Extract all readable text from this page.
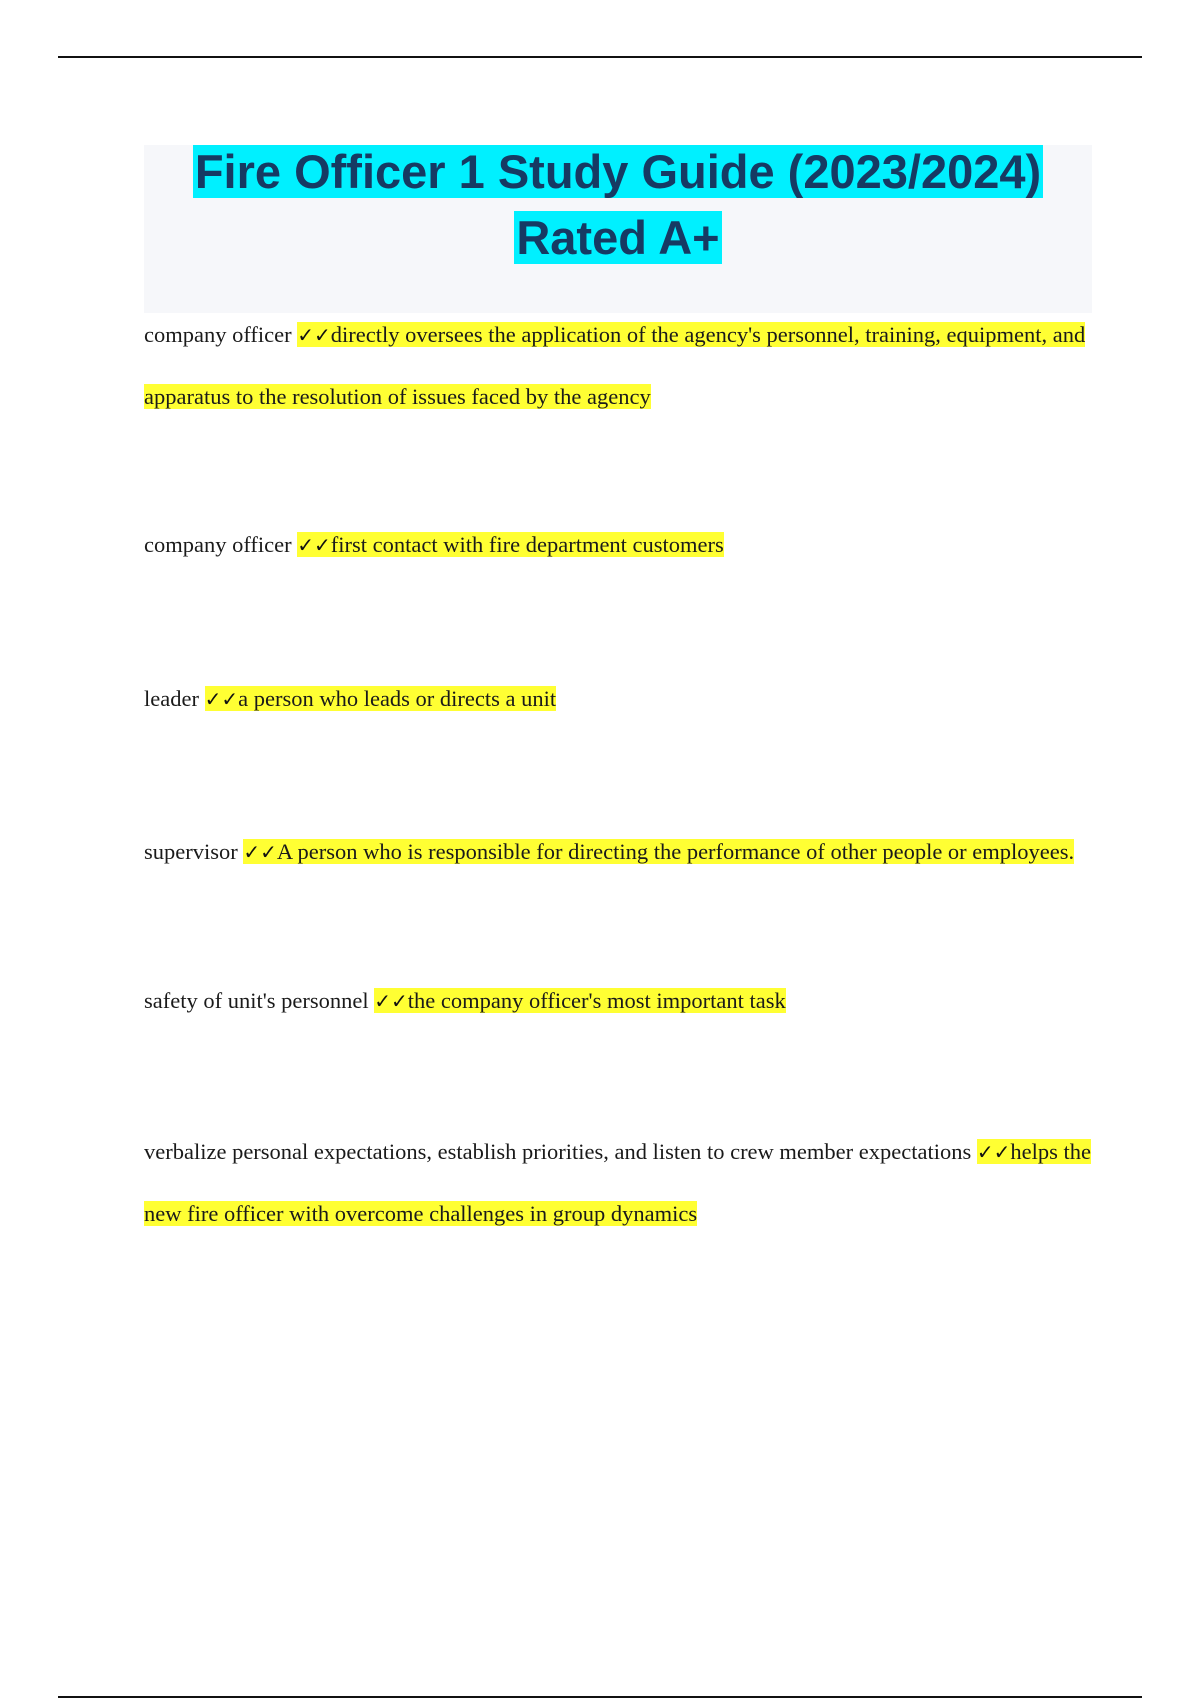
Fire Officer 1 Study Guide (2023/2024)
Rated A+
company officer ✓✓directly oversees the application of the agency's personnel, training, equipment, and apparatus to the resolution of issues faced by the agency
company officer ✓✓first contact with fire department customers
leader ✓✓a person who leads or directs a unit
supervisor ✓✓A person who is responsible for directing the performance of other people or employees.
safety of unit's personnel ✓✓the company officer's most important task
verbalize personal expectations, establish priorities, and listen to crew member expectations ✓✓helps the new fire officer with overcome challenges in group dynamics
